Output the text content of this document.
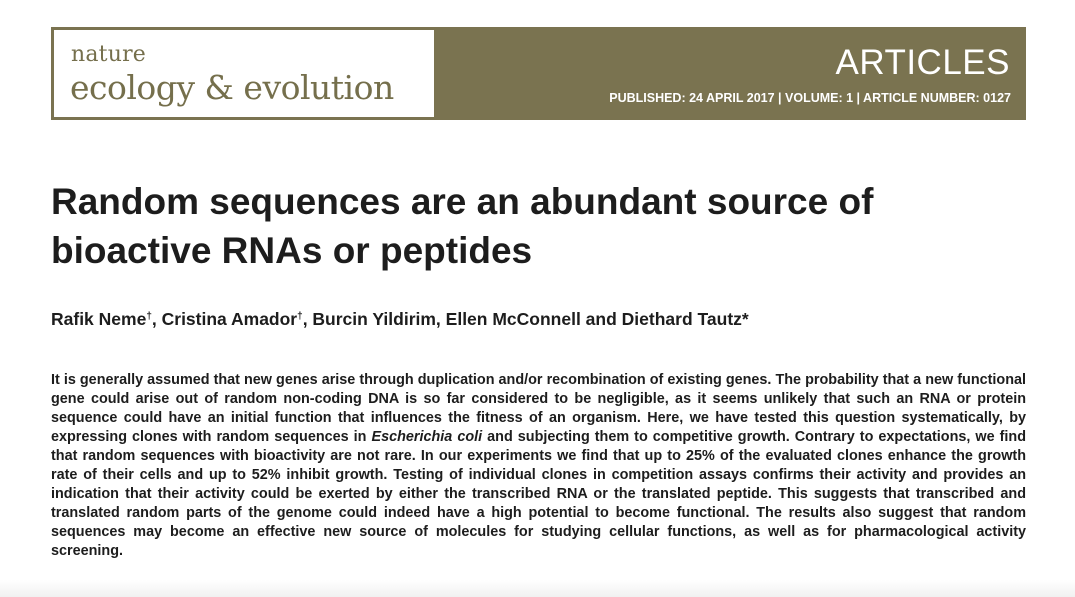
nature
ecology & evolution
ARTICLES
PUBLISHED: 24 APRIL 2017 | VOLUME: 1 | ARTICLE NUMBER: 0127
Random sequences are an abundant source of bioactive RNAs or peptides
Rafik Neme†, Cristina Amador†, Burcin Yildirim, Ellen McConnell and Diethard Tautz*

It is generally assumed that new genes arise through duplication and/or recombination of existing genes. The probability that a new functional gene could arise out of random non-coding DNA is so far considered to be negligible, as it seems unlikely that such an RNA or protein sequence could have an initial function that influences the fitness of an organism. Here, we have tested this question systematically, by expressing clones with random sequences in Escherichia coli and subjecting them to competitive growth. Contrary to expectations, we find that random sequences with bioactivity are not rare. In our experiments we find that up to 25% of the evaluated clones enhance the growth rate of their cells and up to 52% inhibit growth. Testing of individual clones in competition assays confirms their activity and provides an indication that their activity could be exerted by either the transcribed RNA or the translated peptide. This suggests that transcribed and translated random parts of the genome could indeed have a high potential to become functional. The results also suggest that random sequences may become an effective new source of molecules for studying cellular functions, as well as for pharmacological activity screening.
